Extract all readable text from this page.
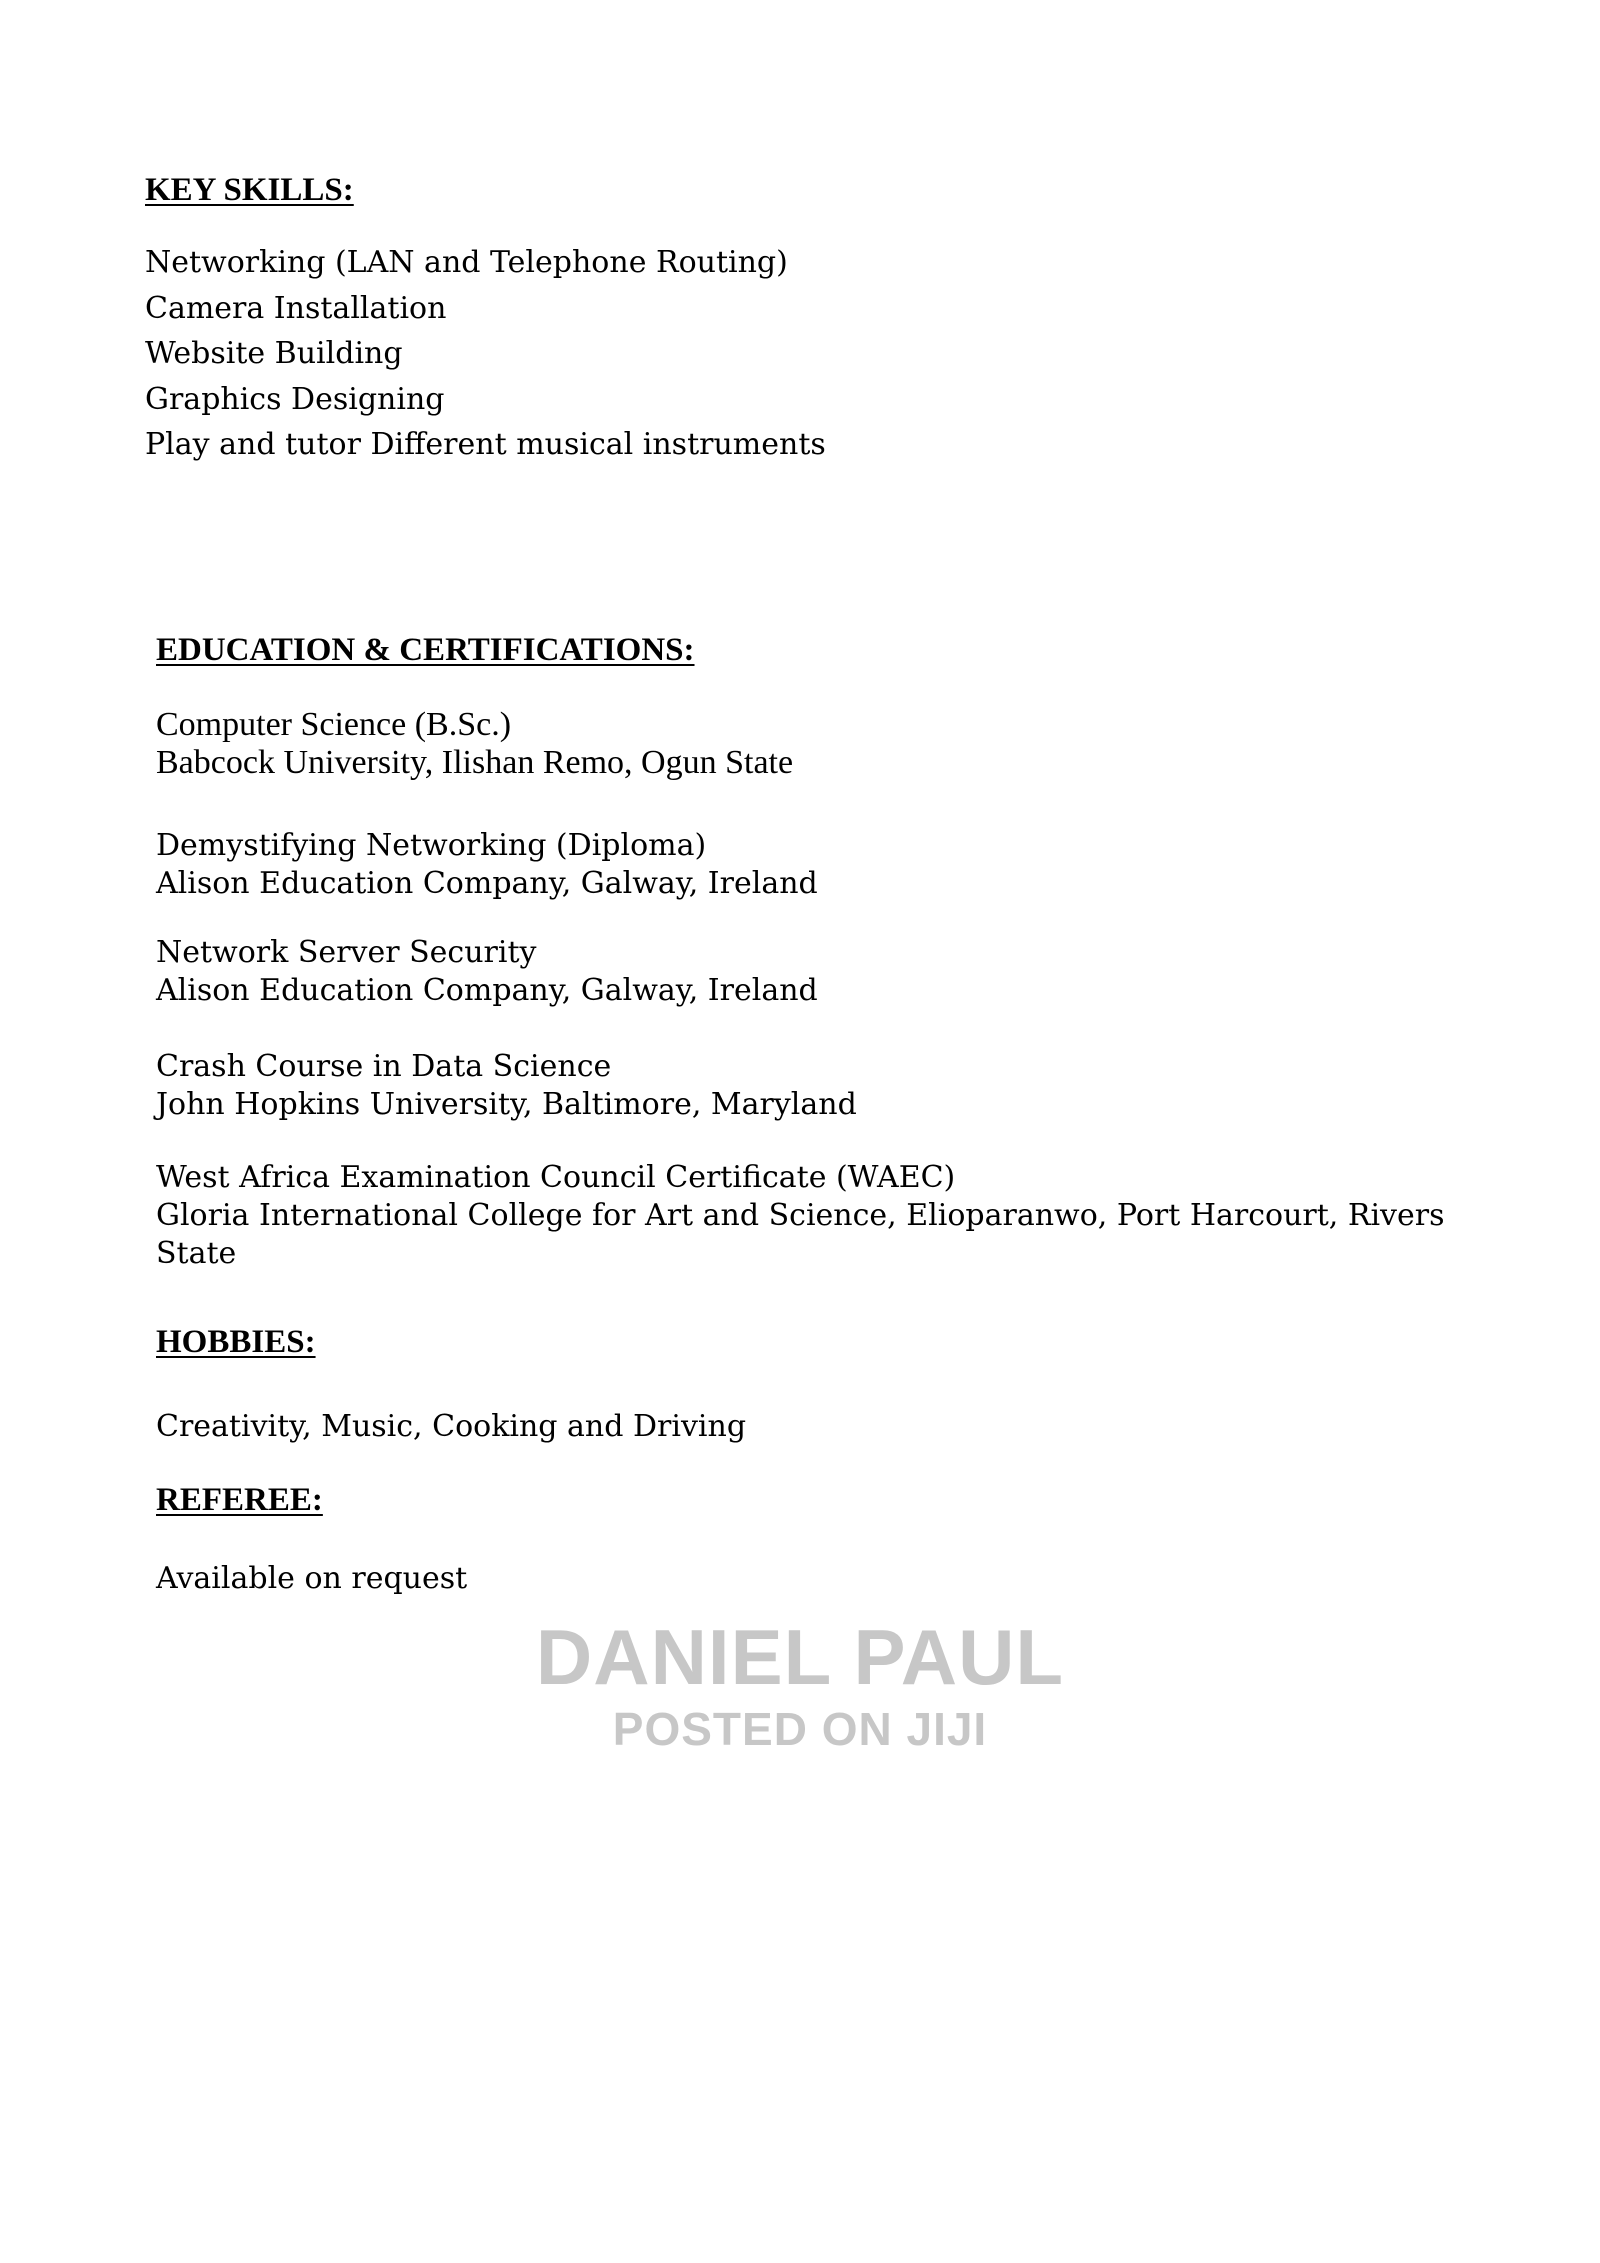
KEY SKILLS:

Networking (LAN and Telephone Routing)

Camera Installation

Website Building

Graphics Designing

Play and tutor Different musical instruments

EDUCATION & CERTIFICATIONS:

Computer Science (B.Sc.)

Babcock University, Ilishan Remo, Ogun State

Demystifying Networking (Diploma)

Alison Education Company, Galway, Ireland

Network Server Security

Alison Education Company, Galway, Ireland

Crash Course in Data Science

John Hopkins University, Baltimore, Maryland

West Africa Examination Council Certificate (WAEC)

Gloria International College for Art and Science, Elioparanwo, Port Harcourt, Rivers

State

HOBBIES:

Creativity, Music, Cooking and Driving

REFEREE:

Available on request

DANIEL PAUL
POSTED ON JIJI
